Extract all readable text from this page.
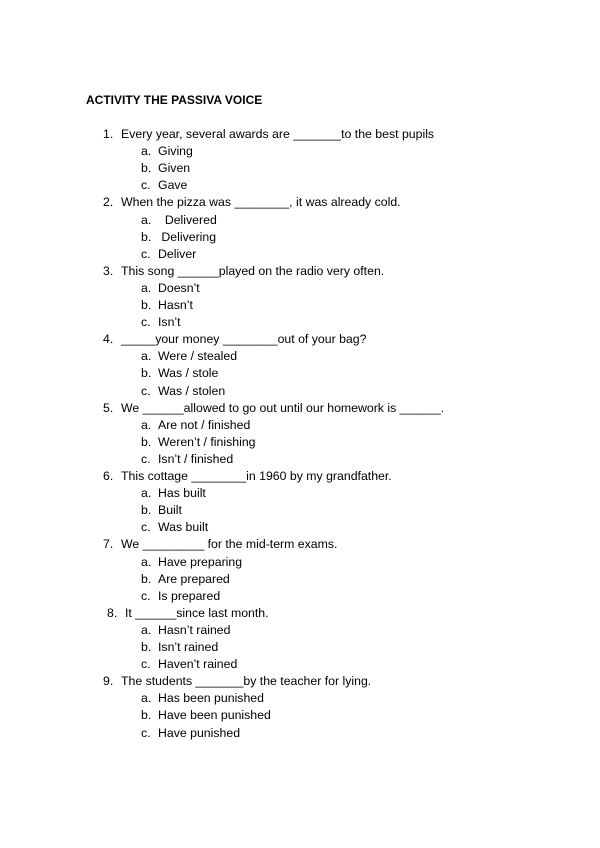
ACTIVITY THE PASSIVA VOICE
1. Every year, several awards are _______to the best pupils
a. Giving
b. Given
c. Gave
2. When the pizza was ________, it was already cold.
a.  Delivered
b. Delivering
c. Deliver
3. This song ______played on the radio very often.
a. Doesn’t
b. Hasn’t
c. Isn’t
4. _____your money ________out of your bag?
a. Were / stealed
b. Was / stole
c. Was / stolen
5. We ______allowed to go out until our homework is ______.
a. Are not / finished
b. Weren’t / finishing
c. Isn’t / finished
6. This cottage ________in 1960 by my grandfather.
a. Has built
b. Built
c. Was built
7. We _________ for the mid-term exams.
a. Have preparing
b. Are prepared
c. Is prepared
8. It ______since last month.
a. Hasn’t rained
b. Isn’t rained
c. Haven’t rained
9. The students _______by the teacher for lying.
a. Has been punished
b. Have been punished
c. Have punished
